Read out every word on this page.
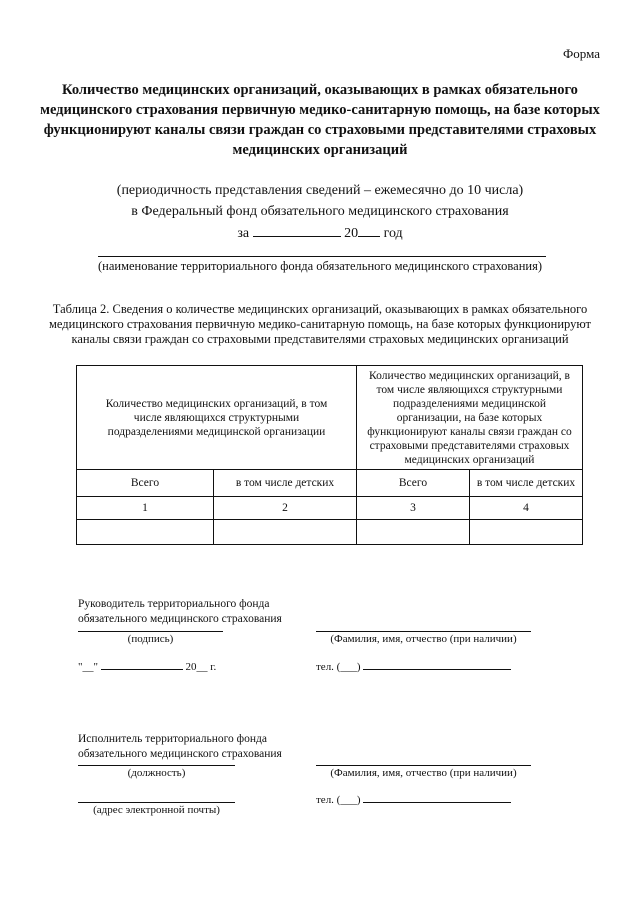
Форма
Количество медицинских организаций, оказывающих в рамках обязательного медицинского страхования первичную медико-санитарную помощь, на базе которых функционируют каналы связи граждан со страховыми представителями страховых медицинских организаций
(периодичность представления сведений – ежемесячно до 10 числа)
в Федеральный фонд обязательного медицинского страхования
за	20 год
(наименование территориального фонда обязательного медицинского страхования)
Таблица 2. Сведения о количестве медицинских организаций, оказывающих в рамках обязательного медицинского страхования первичную медико-санитарную помощь, на базе которых функционируют каналы связи граждан со страховыми представителями страховых медицинских организаций
Количество медицинских организаций, в том числе являющихся структурными подразделениями медицинской организации		Количество медицинских организаций, в том числе являющихся структурными подразделениями медицинской организации, на базе которых функционируют каналы связи граждан со страховыми представителями страховых медицинских организаций	
Всего	в том числе детских	Всего	в том числе детских
1	2	3	4

Руководитель территориального фонда
обязательного медицинского страхования
(подпись)	(Фамилия, имя, отчество (при наличии)
"__"	20__ г.	тел. (___)
Исполнитель территориального фонда
обязательного медицинского страхования
(должность)	(Фамилия, имя, отчество (при наличии)
(адрес электронной почты)
тел. (___)
